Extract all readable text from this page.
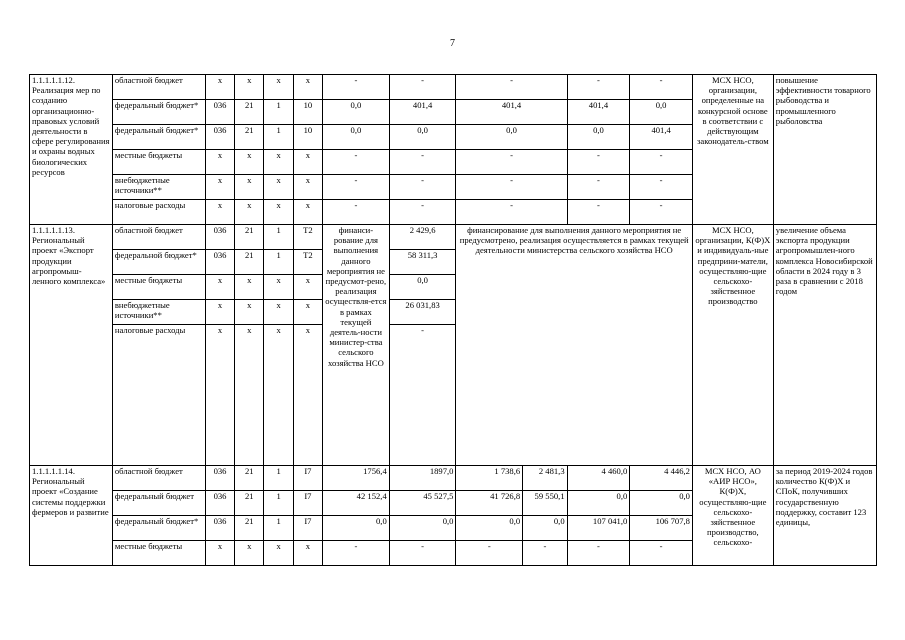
7
1.1.1.1.1.12. Реализация мер по созданию организационно-правовых условий деятельности в сфере регулирования и охраны водных биологических ресурсов	областной бюджет	х	х	х	х	-	-	-		-	-	МСХ НСО, организации, определенные на конкурсной основе в соответствии с действующим законодатель-ством	повышение эффективности товарного рыбоводства и промышленного рыболовства
	федеральный бюджет*	036	21	1	10	0,0	401,4	401,4		401,4	0,0		
	федеральный бюджет*	036	21	1	10	0,0	0,0	0,0		0,0	401,4		
	местные бюджеты	х	х	х	х	-	-	-		-	-		
	внебюджетные источники**	х	х	х	х	-	-	-		-	-		
	налоговые расходы	х	х	х	х	-	-	-		-	-		
1.1.1.1.1.13. Региональный проект «Экспорт продукции агропромыш-ленного комплекса»	областной бюджет	036	21	1	Т2	финанси-рование для выполнения данного мероприятия не предусмот-рено, реализация осуществля-ется в рамках текущей деятель-ности министер-ства сельского хозяйства НСО	2 429,6	финансирование для выполнения данного мероприятия не предусмотрено, реализация осуществляется в рамках текущей деятельности министерства сельского хозяйства НСО				МСХ НСО, организации, К(Ф)Х и индивидуаль-ные предприни-матели, осуществляю-щие сельскохо-зяйственное производство	увеличение объема экспорта продукции агропромышлен-ного комплекса Новосибирской области в 2024 году в 3 раза в сравнении с 2018 годом
	федеральной бюджет*	036	21	1	Т2		58 311,3						
	местные бюджеты	х	х	х	х		0,0						
	внебюджетные источники**	х	х	х	х		26 031,83						
	налоговые расходы	х	х	х	х		-						
1.1.1.1.1.14. Региональный проект «Создание системы поддержки фермеров и развитие	областной бюджет	036	21	1	I7	1756,4	1897,0	1 738,6	2 481,3	4 460,0	4 446,2	МСХ НСО, АО «АИР НСО», К(Ф)Х, осуществляю-щие сельскохо-зяйственное производство, сельскохо-	за период 2019-2024 годов количество К(Ф)Х и СПоК, получивших государственную поддержку, составит 123 единицы,
	федеральный бюджет	036	21	1	I7	42 152,4	45 527,5	41 726,8	59 550,1	0,0	0,0		
	федеральный бюджет*	036	21	1	I7	0,0	0,0	0,0	0,0	107 041,0	106 707,8		
	местные бюджеты	х	х	х	х	-	-	-	-	-	-		
